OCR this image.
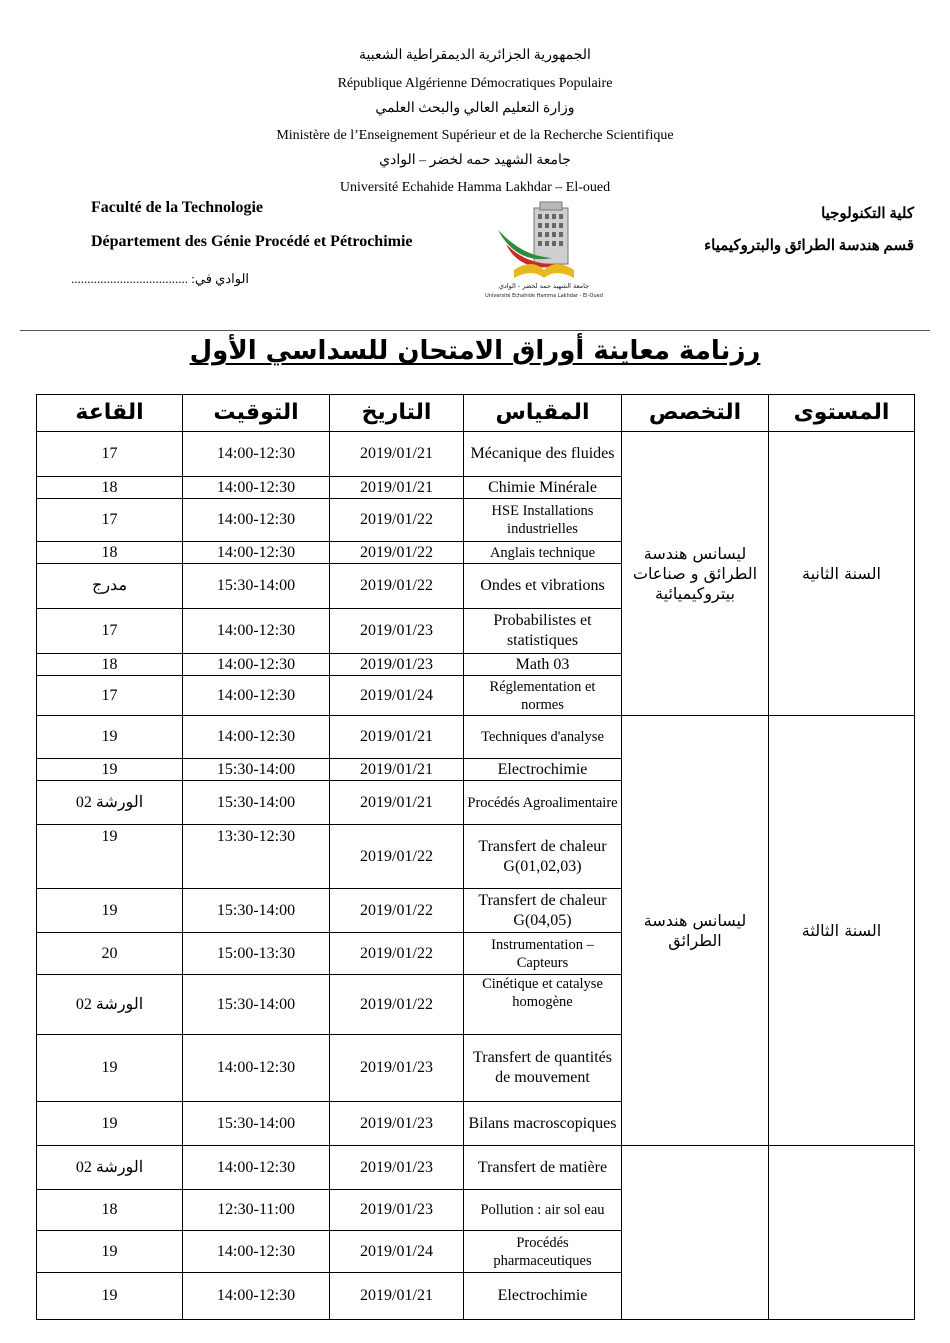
الجمهورية الجزائرية الديمقراطية الشعبية
République Algérienne Démocratiques Populaire
وزارة التعليم العالي والبحث العلمي
Ministère de l’Enseignement Supérieur et de la Recherche Scientifique
جامعة الشهيد حمه لخضر – الوادي
Université Echahide Hamma Lakhdar – El-oued
Faculté de la Technologie
Département des Génie Procédé et Pétrochimie
كلية التكنولوجيا
قسم هندسة الطرائق والبتروكيمياء
الوادي في: ....................................	جامعة الشهيد حمه لخضر - الوادي
Université Echahide Hamma Lakhdar - El-Oued
رزنامة معاينة أوراق الامتحان للسداسي الأول
القاعة	التوقيت	التاريخ	المقياس	التخصص	المستوى
17	14:00-12:30	2019/01/21	Mécanique des fluides	ليسانس هندسة الطرائق و صناعات بيتروكيميائية	السنة الثانية
18	14:00-12:30	2019/01/21	Chimie Minérale		
17	14:00-12:30	2019/01/22	HSE Installations industrielles		
18	14:00-12:30	2019/01/22	Anglais technique		
مدرج	15:30-14:00	2019/01/22	Ondes et vibrations		
17	14:00-12:30	2019/01/23	Probabilistes et statistiques		
18	14:00-12:30	2019/01/23	Math 03		
17	14:00-12:30	2019/01/24	Réglementation et normes		
19	14:00-12:30	2019/01/21	Techniques d'analyse	ليسانس هندسة الطرائق	السنة الثالثة
19	15:30-14:00	2019/01/21	Electrochimie		
الورشة 02	15:30-14:00	2019/01/21	Procédés Agroalimentaire		
19	13:30-12:30	2019/01/22	Transfert de chaleur G(01,02,03)		
19	15:30-14:00	2019/01/22	Transfert de chaleur G(04,05)		
20	15:00-13:30	2019/01/22	Instrumentation – Capteurs		
الورشة 02	15:30-14:00	2019/01/22	Cinétique et catalyse homogène		
19	14:00-12:30	2019/01/23	Transfert de quantités de mouvement		
19	15:30-14:00	2019/01/23	Bilans macroscopiques		
الورشة 02	14:00-12:30	2019/01/23	Transfert de matière		
18	12:30-11:00	2019/01/23	Pollution : air sol eau		
19	14:00-12:30	2019/01/24	Procédés pharmaceutiques		
19	14:00-12:30	2019/01/21	Electrochimie		
